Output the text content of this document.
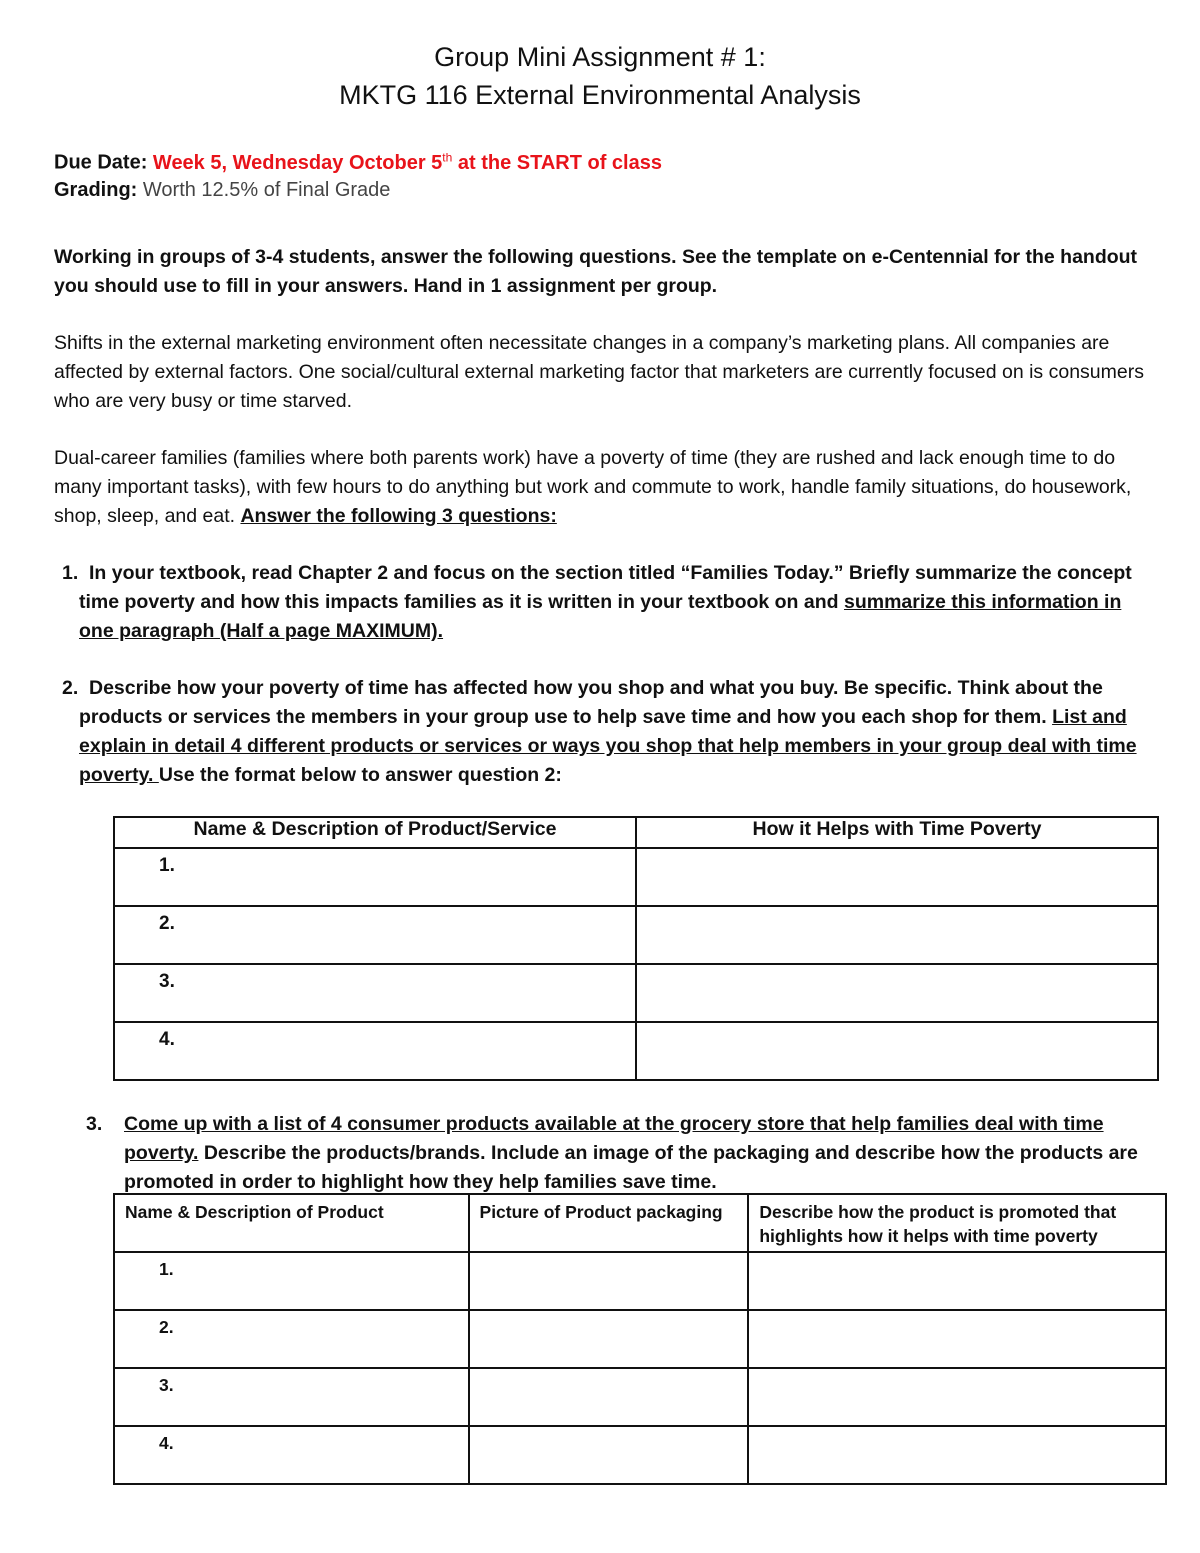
Group Mini Assignment # 1:
MKTG 116 External Environmental Analysis
Due Date: Week 5, Wednesday October 5th at the START of class
Grading: Worth 12.5% of Final Grade
Working in groups of 3-4 students, answer the following questions. See the template on e-Centennial for the handout you should use to fill in your answers. Hand in 1 assignment per group.
Shifts in the external marketing environment often necessitate changes in a company’s marketing plans. All companies are affected by external factors. One social/cultural external marketing factor that marketers are currently focused on is consumers who are very busy or time starved.
Dual-career families (families where both parents work) have a poverty of time (they are rushed and lack enough time to do many important tasks), with few hours to do anything but work and commute to work, handle family situations, do housework, shop, sleep, and eat. Answer the following 3 questions:
1. In your textbook, read Chapter 2 and focus on the section titled “Families Today.” Briefly summarize the concept time poverty and how this impacts families as it is written in your textbook on and summarize this information in one paragraph (Half a page MAXIMUM).
2. Describe how your poverty of time has affected how you shop and what you buy. Be specific. Think about the products or services the members in your group use to help save time and how you each shop for them. List and explain in detail 4 different products or services or ways you shop that help members in your group deal with time poverty. Use the format below to answer question 2:
Name & Description of Product/Service	How it Helps with Time Poverty
1.	
2.	
3.	
4.	
3. Come up with a list of 4 consumer products available at the grocery store that help families deal with time poverty. Describe the products/brands. Include an image of the packaging and describe how the products are promoted in order to highlight how they help families save time.
Name & Description of Product	Picture of Product packaging	Describe how the product is promoted that highlights how it helps with time poverty
1.		
2.		
3.		
4.		
